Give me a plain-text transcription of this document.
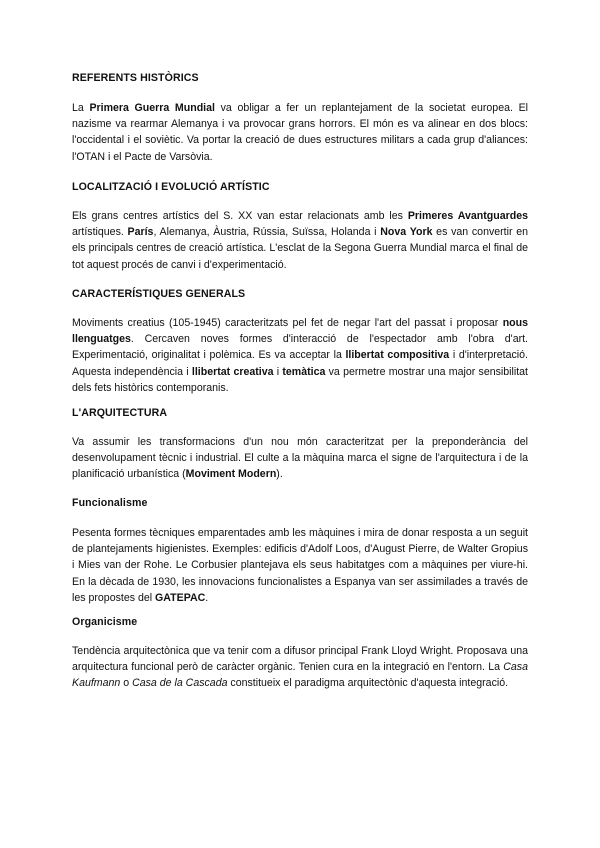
REFERENTS HISTÒRICS
La Primera Guerra Mundial va obligar a fer un replantejament de la societat europea. El nazisme va rearmar Alemanya i va provocar grans horrors. El món es va alinear en dos blocs: l'occidental i el soviètic. Va portar la creació de dues estructures militars a cada grup d'aliances: l'OTAN i el Pacte de Varsòvia.
LOCALITZACIÓ I EVOLUCIÓ ARTÍSTIC
Els grans centres artístics del S. XX van estar relacionats amb les Primeres Avantguardes artístiques. París, Alemanya, Àustria, Rússia, Suïssa, Holanda i Nova York es van convertir en els principals centres de creació artística. L'esclat de la Segona Guerra Mundial marca el final de tot aquest procés de canvi i d'experimentació.
CARACTERÍSTIQUES GENERALS
Moviments creatius (105-1945) caracteritzats pel fet de negar l'art del passat i proposar nous llenguatges. Cercaven noves formes d'interacció de l'espectador amb l'obra d'art. Experimentació, originalitat i polèmica. Es va acceptar la llibertat compositiva i d'interpretació. Aquesta independència i llibertat creativa i temàtica va permetre mostrar una major sensibilitat dels fets històrics contemporanis.
L'ARQUITECTURA
Va assumir les transformacions d'un nou món caracteritzat per la preponderància del desenvolupament tècnic i industrial. El culte a la màquina marca el signe de l'arquitectura i de la planificació urbanística (Moviment Modern).
Funcionalisme
Pesenta formes tècniques emparentades amb les màquines i mira de donar resposta a un seguit de plantejaments higienistes. Exemples: edificis d'Adolf Loos, d'August Pierre, de Walter Gropius i Mies van der Rohe. Le Corbusier plantejava els seus habitatges com a màquines per viure-hi. En la dècada de 1930, les innovacions funcionalistes a Espanya van ser assimilades a través de les propostes del GATEPAC.
Organicisme
Tendència arquitectònica que va tenir com a difusor principal Frank Lloyd Wright. Proposava una arquitectura funcional però de caràcter orgànic. Tenien cura en la integració en l'entorn. La Casa Kaufmann o Casa de la Cascada constitueix el paradigma arquitectònic d'aquesta integració.
